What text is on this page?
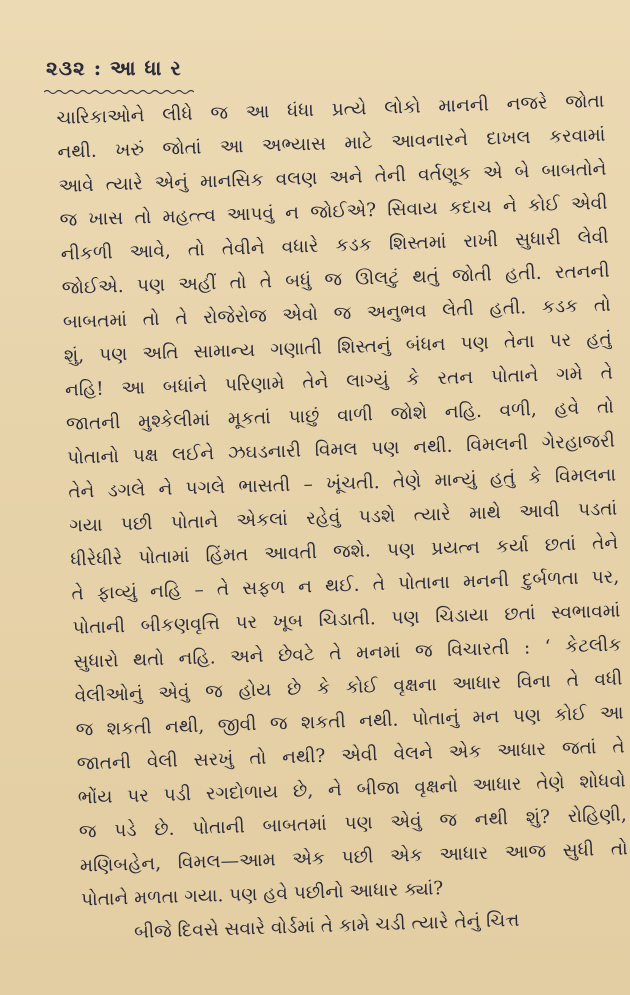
૨૩૨ : આ ધા ર
ચારિકાઓને લીધે જ આ ધંધા પ્રત્યે લોકો માનની નજરે જોતા
નથી. ખરું જોતાં આ અભ્યાસ માટે આવનારને દાખલ કરવામાં
આવે ત્યારે એનું માનસિક વલણ અને તેની વર્તણૂક એ બે બાબતોને
જ ખાસ તો મહત્ત્વ આપવું ન જોઈએ? સિવાય કદાચ ને કોઈ એવી
નીકળી આવે, તો તેવીને વધારે કડક શિસ્તમાં રાખી સુધારી લેવી
જોઈએ. પણ અહીં તો તે બધું જ ઊલટું થતું જોતી હતી. રતનની
બાબતમાં તો તે રોજેરોજ એવો જ અનુભવ લેતી હતી. કડક તો
શું, પણ અતિ સામાન્ય ગણાતી શિસ્તનું બંધન પણ તેના પર હતું
નહિ! આ બધાંને પરિણામે તેને લાગ્યું કે રતન પોતાને ગમે તે
જાતની મુશ્કેલીમાં મૂકતાં પાછું વાળી જોશે નહિ. વળી, હવે તો
પોતાનો પક્ષ લઈને ઝઘડનારી વિમલ પણ નથી. વિમલની ગેરહાજરી
તેને ડગલે ને પગલે ભાસતી – ખૂંચતી. તેણે માન્યું હતું કે વિમલના
ગયા પછી પોતાને એકલાં રહેવું પડશે ત્યારે માથે આવી પડતાં
ધીરેધીરે પોતામાં હિંમત આવતી જશે. પણ પ્રયત્ન કર્યા છતાં તેને
તે ફાવ્યું નહિ – તે સફળ ન થઈ. તે પોતાના મનની દુર્બળતા પર,
પોતાની બીકણવૃત્તિ પર ખૂબ ચિડાતી. પણ ચિડાયા છતાં સ્વભાવમાં
સુધારો થતો નહિ. અને છેવટે તે મનમાં જ વિચારતી : ‘ કેટલીક
વેલીઓનું એવું જ હોય છે કે કોઈ વૃક્ષના આધાર વિના તે વધી
જ શકતી નથી, જીવી જ શકતી નથી. પોતાનું મન પણ કોઈ આ
જાતની વેલી સરખું તો નથી? એવી વેલને એક આધાર જતાં તે
ભોંય પર પડી રગદોળાય છે, ને બીજા વૃક્ષનો આધાર તેણે શોધવો
જ પડે છે. પોતાની બાબતમાં પણ એવું જ નથી શું? રોહિણી,
મણિબહેન, વિમલ—આમ એક પછી એક આધાર આજ સુધી તો
પોતાને મળતા ગયા. પણ હવે પછીનો આધાર ક્યાં?
બીજે દિવસે સવારે વોર્ડમાં તે કામે ચડી ત્યારે તેનું ચિત્ત
